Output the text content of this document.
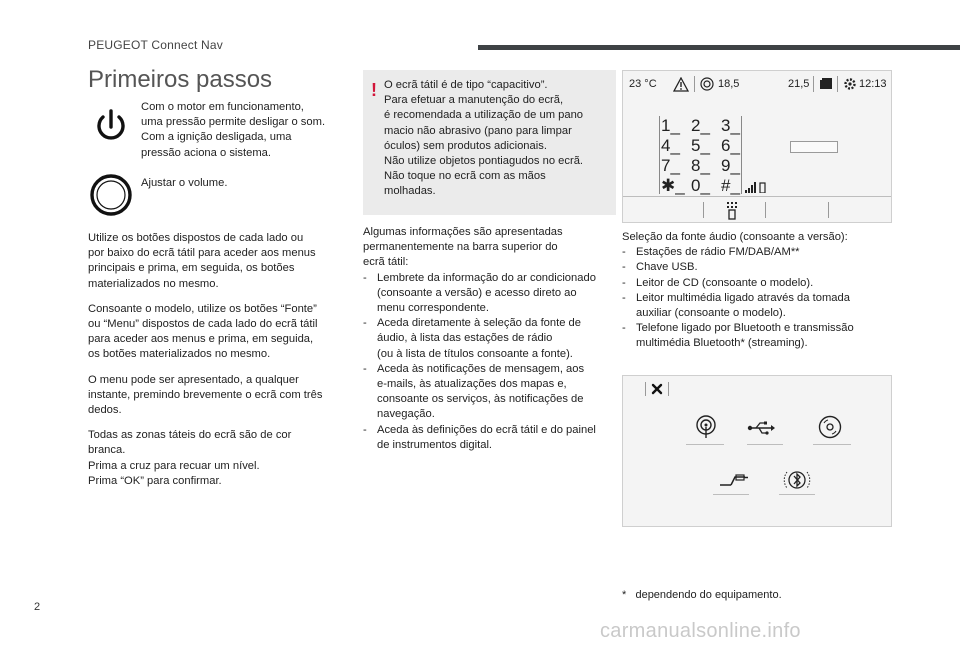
PEUGEOT Connect Nav
Primeiros passos
Com o motor em funcionamento,
uma pressão permite desligar o som.
Com a ignição desligada, uma
pressão aciona o sistema.
Ajustar o volume.

Utilize os botões dispostos de cada lado ou
por baixo do ecrã tátil para aceder aos menus
principais e prima, em seguida, os botões
materializados no mesmo.

Consoante o modelo, utilize os botões “Fonte”
ou “Menu” dispostos de cada lado do ecrã tátil
para aceder aos menus e prima, em seguida,
os botões materializados no mesmo.

O menu pode ser apresentado, a qualquer
instante, premindo brevemente o ecrã com três
dedos.

Todas as zonas táteis do ecrã são de cor
branca.
Prima a cruz para recuar um nível.
Prima “OK” para confirmar.

! O ecrã tátil é de tipo “capacitivo”.
Para efetuar a manutenção do ecrã,
é recomendada a utilização de um pano
macio não abrasivo (pano para limpar
óculos) sem produtos adicionais.
Não utilize objetos pontiagudos no ecrã.
Não toque no ecrã com as mãos
molhadas.
Algumas informações são apresentadas
permanentemente na barra superior do
ecrã tátil:
- Lembrete da informação do ar condicionado
(consoante a versão) e acesso direto ao
menu correspondente.
- Aceda diretamente à seleção da fonte de
áudio, à lista das estações de rádio
(ou à lista de títulos consoante a fonte).
- Aceda às notificações de mensagem, aos
e-mails, às atualizações dos mapas e,
consoante os serviços, às notificações de
navegação.
- Aceda às definições do ecrã tátil e do painel
de instrumentos digital.
23 °C	18,5	21,5	12:13
1_ 2_ 3_
4_ 5_ 6_
7_ 8_ 9_
✱_ 0_ #_
Seleção da fonte áudio (consoante a versão):
- Estações de rádio FM/DAB/AM**
- Chave USB.
- Leitor de CD (consoante o modelo).
- Leitor multimédia ligado através da tomada
auxiliar (consoante o modelo).
- Telefone ligado por Bluetooth e transmissão
multimédia Bluetooth* (streaming).
* dependendo do equipamento.
2
carmanualsonline.info
